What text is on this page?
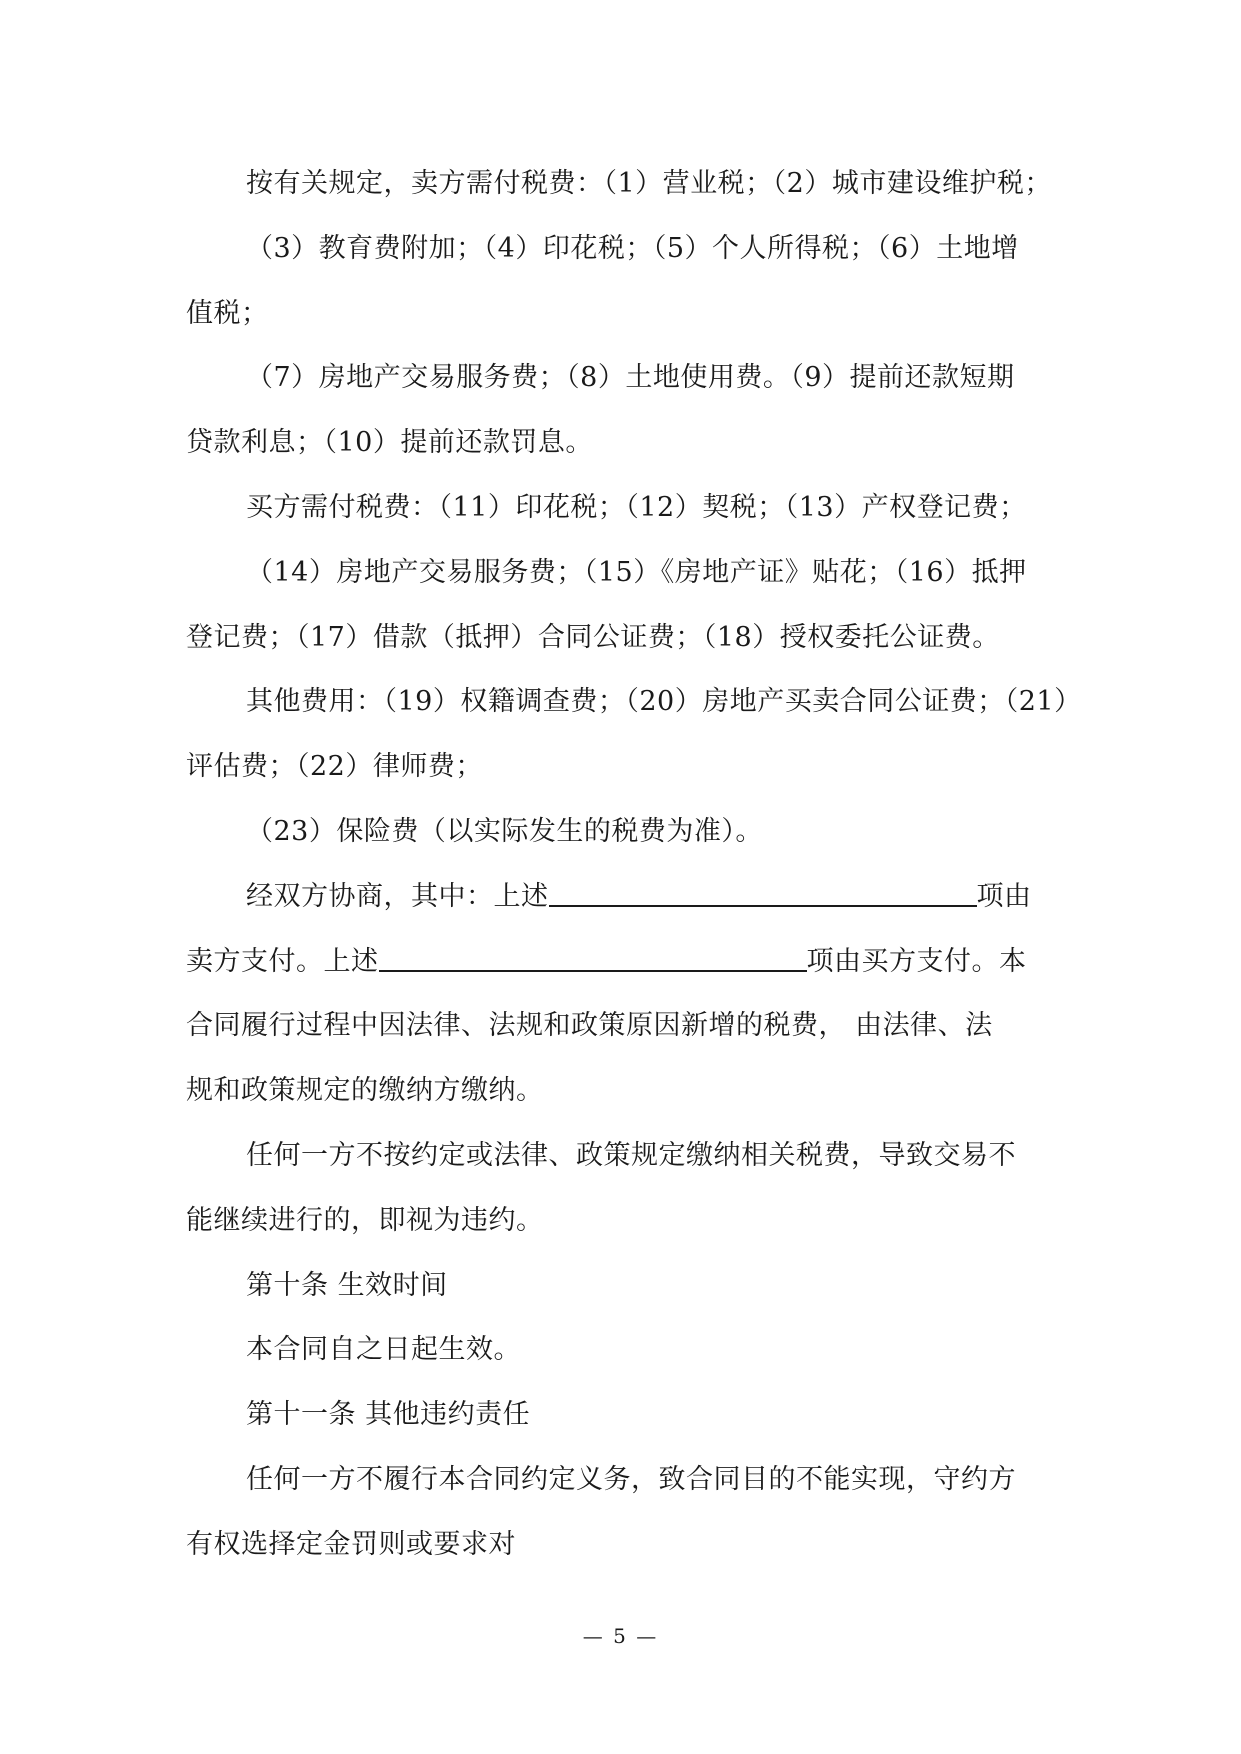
按有关规定，卖方需付税费：（1）营业税；（2）城市建设维护税；
（3）教育费附加；（4）印花税；（5）个人所得税；（6）土地增
值税；
（7）房地产交易服务费；（8）土地使用费。（9）提前还款短期
贷款利息；（10）提前还款罚息。
买方需付税费：（11）印花税；（12）契税；（13）产权登记费；
（14）房地产交易服务费；（15）《房地产证》贴花；（16）抵押
登记费；（17）借款（抵押）合同公证费；（18）授权委托公证费。
其他费用：（19）权籍调查费；（20）房地产买卖合同公证费；（21）
评估费；（22）律师费；
（23）保险费（以实际发生的税费为准）。
经双方协商，其中：上述	项由
卖方支付。上述	项由买方支付。本
合同履行过程中因法律、法规和政策原因新增的税费， 由法律、法
规和政策规定的缴纳方缴纳。
任何一方不按约定或法律、政策规定缴纳相关税费，导致交易不
能继续进行的，即视为违约。
第十条 生效时间
本合同自之日起生效。
第十一条 其他违约责任
任何一方不履行本合同约定义务，致合同目的不能实现，守约方
有权选择定金罚则或要求对
— 5 —
